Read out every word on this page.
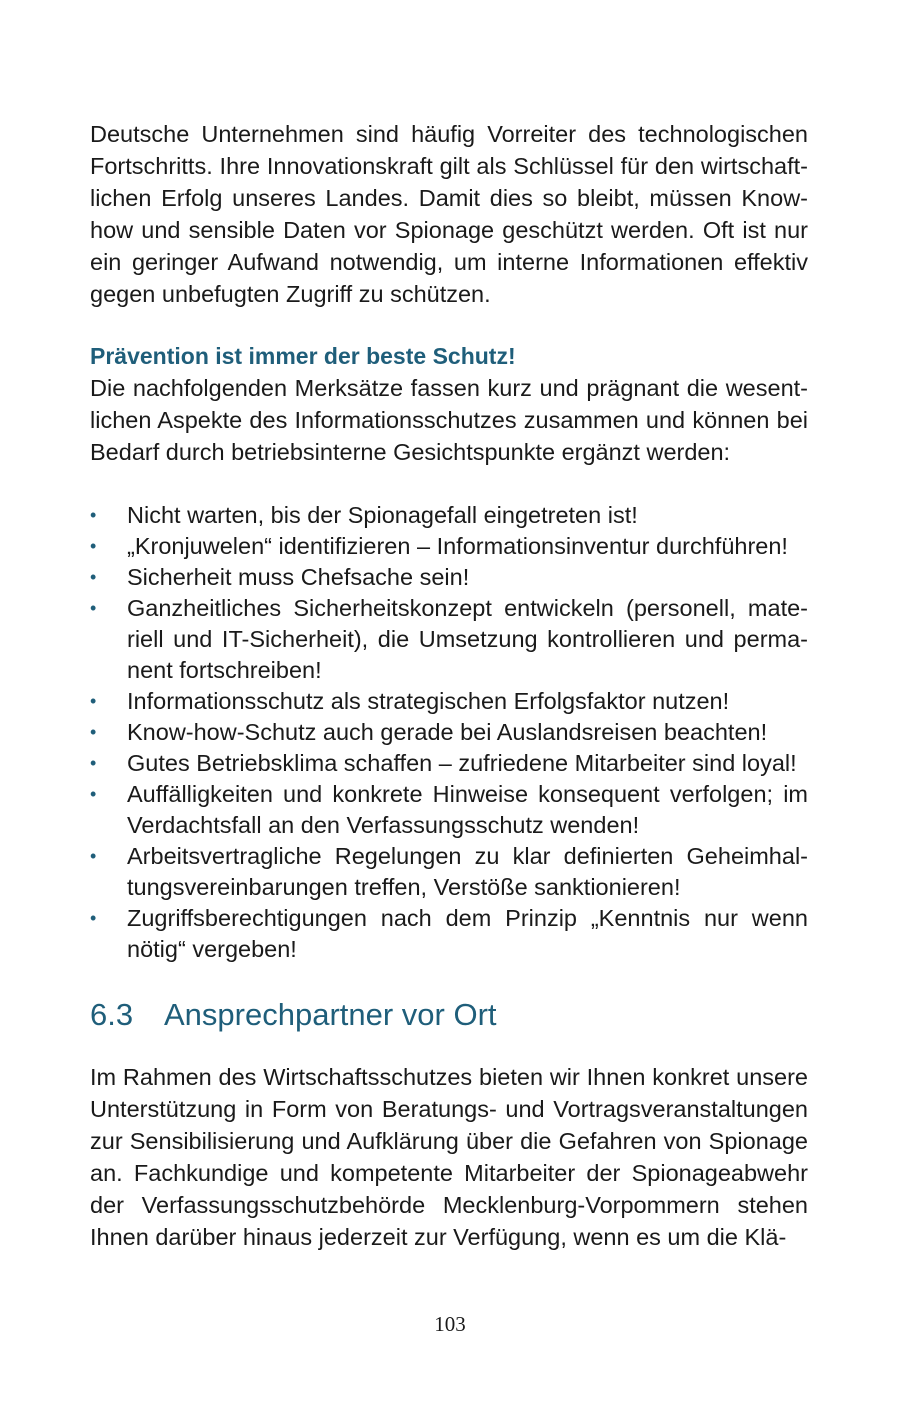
Deutsche Unternehmen sind häufig Vorreiter des technologischen Fortschritts. Ihre Innovationskraft gilt als Schlüssel für den wirtschaftlichen Erfolg unseres Landes. Damit dies so bleibt, müssen Know-how und sensible Daten vor Spionage geschützt werden. Oft ist nur ein geringer Aufwand notwendig, um interne Informationen effektiv gegen unbefugten Zugriff zu schützen.

Prävention ist immer der beste Schutz!

Die nachfolgenden Merksätze fassen kurz und prägnant die wesentlichen Aspekte des Informationsschutzes zusammen und können bei Bedarf durch betriebsinterne Gesichtspunkte ergänzt werden:

• Nicht warten, bis der Spionagefall eingetreten ist!
• „Kronjuwelen“ identifizieren – Informationsinventur durchführen!
• Sicherheit muss Chefsache sein!
• Ganzheitliches Sicherheitskonzept entwickeln (personell, materiell und IT-Sicherheit), die Umsetzung kontrollieren und permanent fortschreiben!
• Informationsschutz als strategischen Erfolgsfaktor nutzen!
• Know-how-Schutz auch gerade bei Auslandsreisen beachten!
• Gutes Betriebsklima schaffen – zufriedene Mitarbeiter sind loyal!
• Auffälligkeiten und konkrete Hinweise konsequent verfolgen; im Verdachtsfall an den Verfassungsschutz wenden!
• Arbeitsvertragliche Regelungen zu klar definierten Geheimhaltungsvereinbarungen treffen, Verstöße sanktionieren!
• Zugriffsberechtigungen nach dem Prinzip „Kenntnis nur wenn nötig“ vergeben!
6.3 Ansprechpartner vor Ort

Im Rahmen des Wirtschaftsschutzes bieten wir Ihnen konkret unsere Unterstützung in Form von Beratungs- und Vortragsveranstaltungen zur Sensibilisierung und Aufklärung über die Gefahren von Spionage an. Fachkundige und kompetente Mitarbeiter der Spionageabwehr der Verfassungsschutzbehörde Mecklenburg-Vorpommern stehen Ihnen darüber hinaus jederzeit zur Verfügung, wenn es um die Klä-

103
